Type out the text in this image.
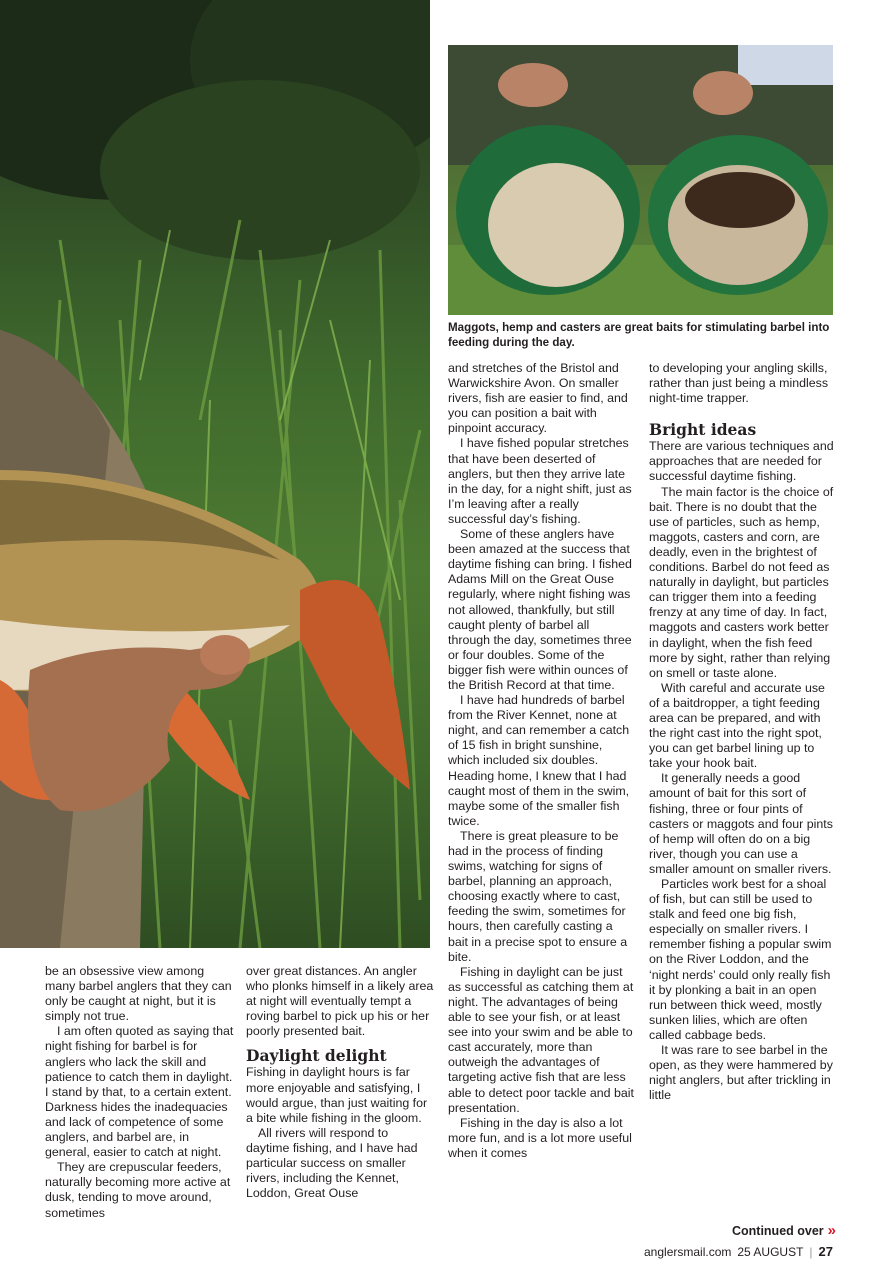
Maggots, hemp and casters are great baits for stimulating barbel into feeding during the day.

be an obsessive view among many barbel anglers that they can only be caught at night, but it is simply not true.

I am often quoted as saying that night fishing for barbel is for anglers who lack the skill and patience to catch them in daylight. I stand by that, to a certain extent. Darkness hides the inadequacies and lack of competence of some anglers, and barbel are, in general, easier to catch at night.

They are crepuscular feeders, naturally becoming more active at dusk, tending to move around, sometimes

over great distances. An angler who plonks himself in a likely area at night will eventually tempt a roving barbel to pick up his or her poorly presented bait.

Daylight delight

Fishing in daylight hours is far more enjoyable and satisfying, I would argue, than just waiting for a bite while fishing in the gloom.

All rivers will respond to daytime fishing, and I have had particular success on smaller rivers, including the Kennet, Loddon, Great Ouse

and stretches of the Bristol and Warwickshire Avon. On smaller rivers, fish are easier to find, and you can position a bait with pinpoint accuracy.

I have fished popular stretches that have been deserted of anglers, but then they arrive late in the day, for a night shift, just as I’m leaving after a really successful day’s fishing.

Some of these anglers have been amazed at the success that daytime fishing can bring. I fished Adams Mill on the Great Ouse regularly, where night fishing was not allowed, thankfully, but still caught plenty of barbel all through the day, sometimes three or four doubles. Some of the bigger fish were within ounces of the British Record at that time.

I have had hundreds of barbel from the River Kennet, none at night, and can remember a catch of 15 fish in bright sunshine, which included six doubles. Heading home, I knew that I had caught most of them in the swim, maybe some of the smaller fish twice.

There is great pleasure to be had in the process of finding swims, watching for signs of barbel, planning an approach, choosing exactly where to cast, feeding the swim, sometimes for hours, then carefully casting a bait in a precise spot to ensure a bite.

Fishing in daylight can be just as successful as catching them at night. The advantages of being able to see your fish, or at least see into your swim and be able to cast accurately, more than outweigh the advantages of targeting active fish that are less able to detect poor tackle and bait presentation.

Fishing in the day is also a lot more fun, and is a lot more useful when it comes

to developing your angling skills, rather than just being a mindless night-time trapper.

Bright ideas

There are various techniques and approaches that are needed for successful daytime fishing.

The main factor is the choice of bait. There is no doubt that the use of particles, such as hemp, maggots, casters and corn, are deadly, even in the brightest of conditions. Barbel do not feed as naturally in daylight, but particles can trigger them into a feeding frenzy at any time of day. In fact, maggots and casters work better in daylight, when the fish feed more by sight, rather than relying on smell or taste alone.

With careful and accurate use of a baitdropper, a tight feeding area can be prepared, and with the right cast into the right spot, you can get barbel lining up to take your hook bait.

It generally needs a good amount of bait for this sort of fishing, three or four pints of casters or maggots and four pints of hemp will often do on a big river, though you can use a smaller amount on smaller rivers.

Particles work best for a shoal of fish, but can still be used to stalk and feed one big fish, especially on smaller rivers. I remember fishing a popular swim on the River Loddon, and the ‘night nerds’ could only really fish it by plonking a bait in an open run between thick weed, mostly sunken lilies, which are often called cabbage beds.

It was rare to see barbel in the open, as they were hammered by night anglers, but after trickling in little

Continued over »
anglersmail.com 25 AUGUST | 27
